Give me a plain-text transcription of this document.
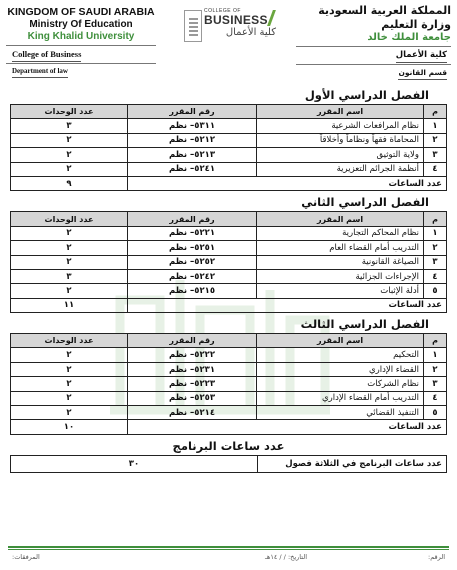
KINGDOM OF SAUDI ARABIA
Ministry Of Education
King Khalid University
College of Business
Department of law
COLLEGE OF
BUSINESS
كلية الأعمال
المملكة العربية السعودية
وزارة التعليم
جامعة الملك خالد
كلية الأعمال
قسم القانون
الفصل الدراسي الأول
م	اسم المقرر	رقم المقرر	عدد الوحدات
١	نظام المرافعات الشرعية	٥٣١١– نظم	٣
٢	المحاماة فقهاً ونظاماً وأخلاقاً	٥٢١٢– نظم	٢
٣	ولاية التوثيق	٥٢١٣– نظم	٢
٤	أنظمة الجرائم التعزيرية	٥٢٤١– نظم	٢
عدد الساعات			٩
الفصل الدراسي الثاني
م	اسم المقرر	رقم المقرر	عدد الوحدات
١	نظام المحاكم التجارية	٥٢٢١– نظم	٢
٢	التدريب أمام القضاء العام	٥٢٥١– نظم	٢
٣	الصياغة القانونية	٥٢٥٢– نظم	٢
٤	الإجراءات الجزائية	٥٢٤٢– نظم	٣
٥	أدلة الإثبات	٥٢١٥– نظم	٢
عدد الساعات			١١
الفصل الدراسي الثالث
م	اسم المقرر	رقم المقرر	عدد الوحدات
١	التحكيم	٥٢٢٢– نظم	٢
٢	القضاء الإداري	٥٢٣١– نظم	٢
٣	نظام الشركات	٥٢٢٣– نظم	٢
٤	التدريب أمام القضاء الإداري	٥٢٥٣– نظم	٢
٥	التنفيذ القضائي	٥٢١٤– نظم	٢
عدد الساعات			١٠
عدد ساعات البرنامج
عدد ساعات البرنامج في الثلاثة فصول	٣٠
الرقم:
التاريخ: / / ١٤هـ
المرفقات:
